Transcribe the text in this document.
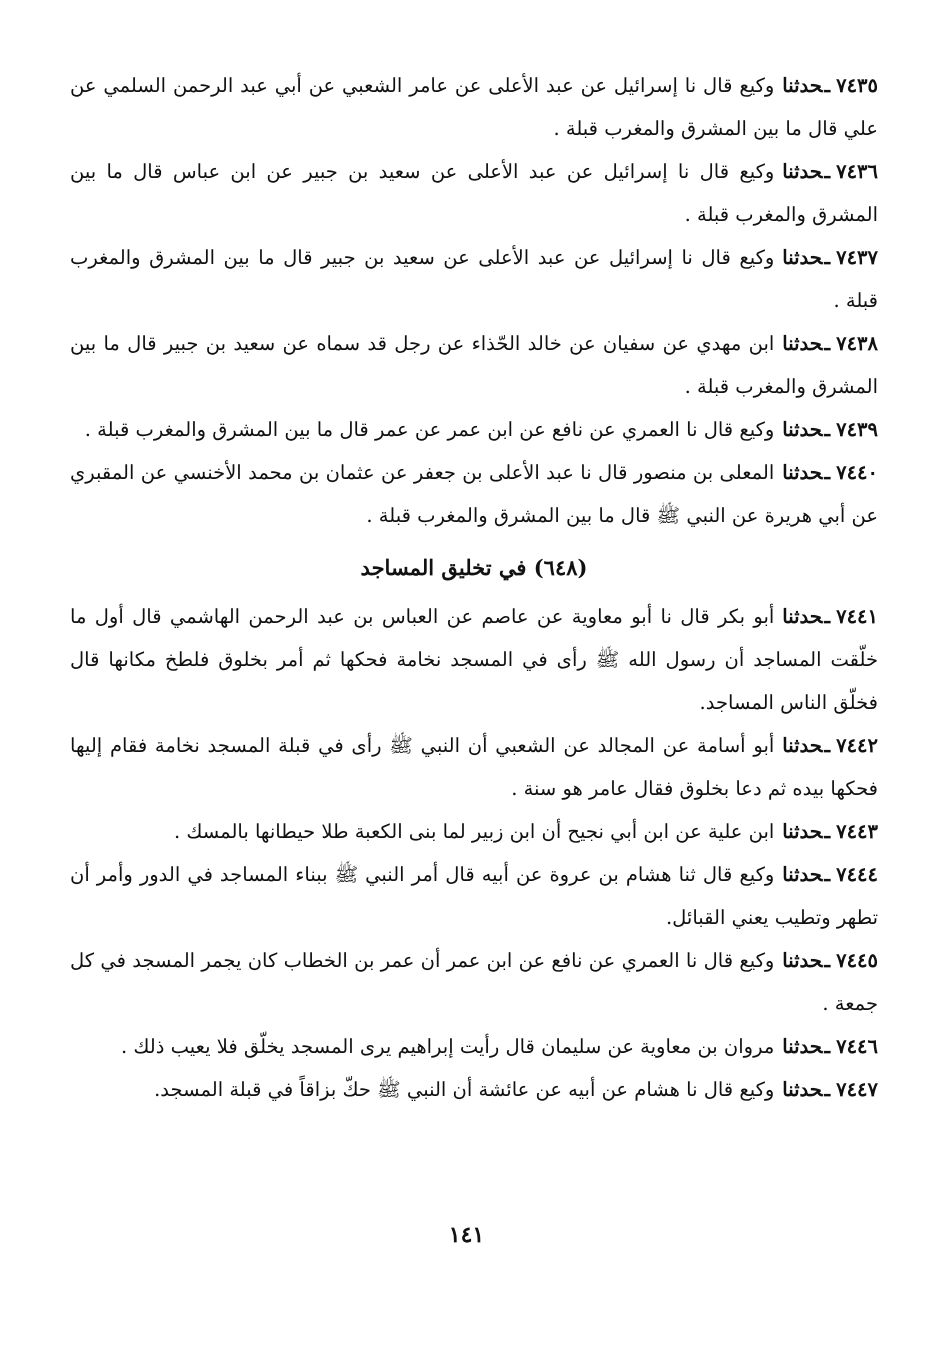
٧٤٣٥ـحدثناوكيع قال نا إسرائيل عن عبد الأعلى عن عامر الشعبي عن أبي عبد الرحمن السلمي عن علي قال ما بين المشرق والمغرب قبلة .

٧٤٣٦ـحدثناوكيع قال نا إسرائيل عن عبد الأعلى عن سعيد بن جبير عن ابن عباس قال ما بين المشرق والمغرب قبلة .

٧٤٣٧ـحدثناوكيع قال نا إسرائيل عن عبد الأعلى عن سعيد بن جبير قال ما بين المشرق والمغرب قبلة .

٧٤٣٨ـحدثناابن مهدي عن سفيان عن خالد الحّذاء عن رجل قد سماه عن سعيد بن جبير قال ما بين المشرق والمغرب قبلة .

٧٤٣٩ـحدثناوكيع قال نا العمري عن نافع عن ابن عمر عن عمر قال ما بين المشرق والمغرب قبلة .

٧٤٤٠ـحدثناالمعلى بن منصور قال نا عبد الأعلى بن جعفر عن عثمان بن محمد الأخنسي عن المقبري عن أبي هريرة عن النبي ﷺ قال ما بين المشرق والمغرب قبلة .

(٦٤٨) في تخليق المساجد

٧٤٤١ـحدثناأبو بكر قال نا أبو معاوية عن عاصم عن العباس بن عبد الرحمن الهاشمي قال أول ما خلّقت المساجد أن رسول الله ﷺ رأى في المسجد نخامة فحكها ثم أمر بخلوق فلطخ مكانها قال فخلّق الناس المساجد.

٧٤٤٢ـحدثناأبو أسامة عن المجالد عن الشعبي أن النبي ﷺ رأى في قبلة المسجد نخامة فقام إليها فحكها بيده ثم دعا بخلوق فقال عامر هو سنة .

٧٤٤٣ـحدثناابن علية عن ابن أبي نجيح أن ابن زبير لما بنى الكعبة طلا حيطانها بالمسك .

٧٤٤٤ـحدثناوكيع قال ثنا هشام بن عروة عن أبيه قال أمر النبي ﷺ ببناء المساجد في الدور وأمر أن تطهر وتطيب يعني القبائل.

٧٤٤٥ـحدثناوكيع قال نا العمري عن نافع عن ابن عمر أن عمر بن الخطاب كان يجمر المسجد في كل جمعة .

٧٤٤٦ـحدثنامروان بن معاوية عن سليمان قال رأيت إبراهيم يرى المسجد يخلّق فلا يعيب ذلك .

٧٤٤٧ـحدثناوكيع قال نا هشام عن أبيه عن عائشة أن النبي ﷺ حكّ بزاقاً في قبلة المسجد.

١٤١
